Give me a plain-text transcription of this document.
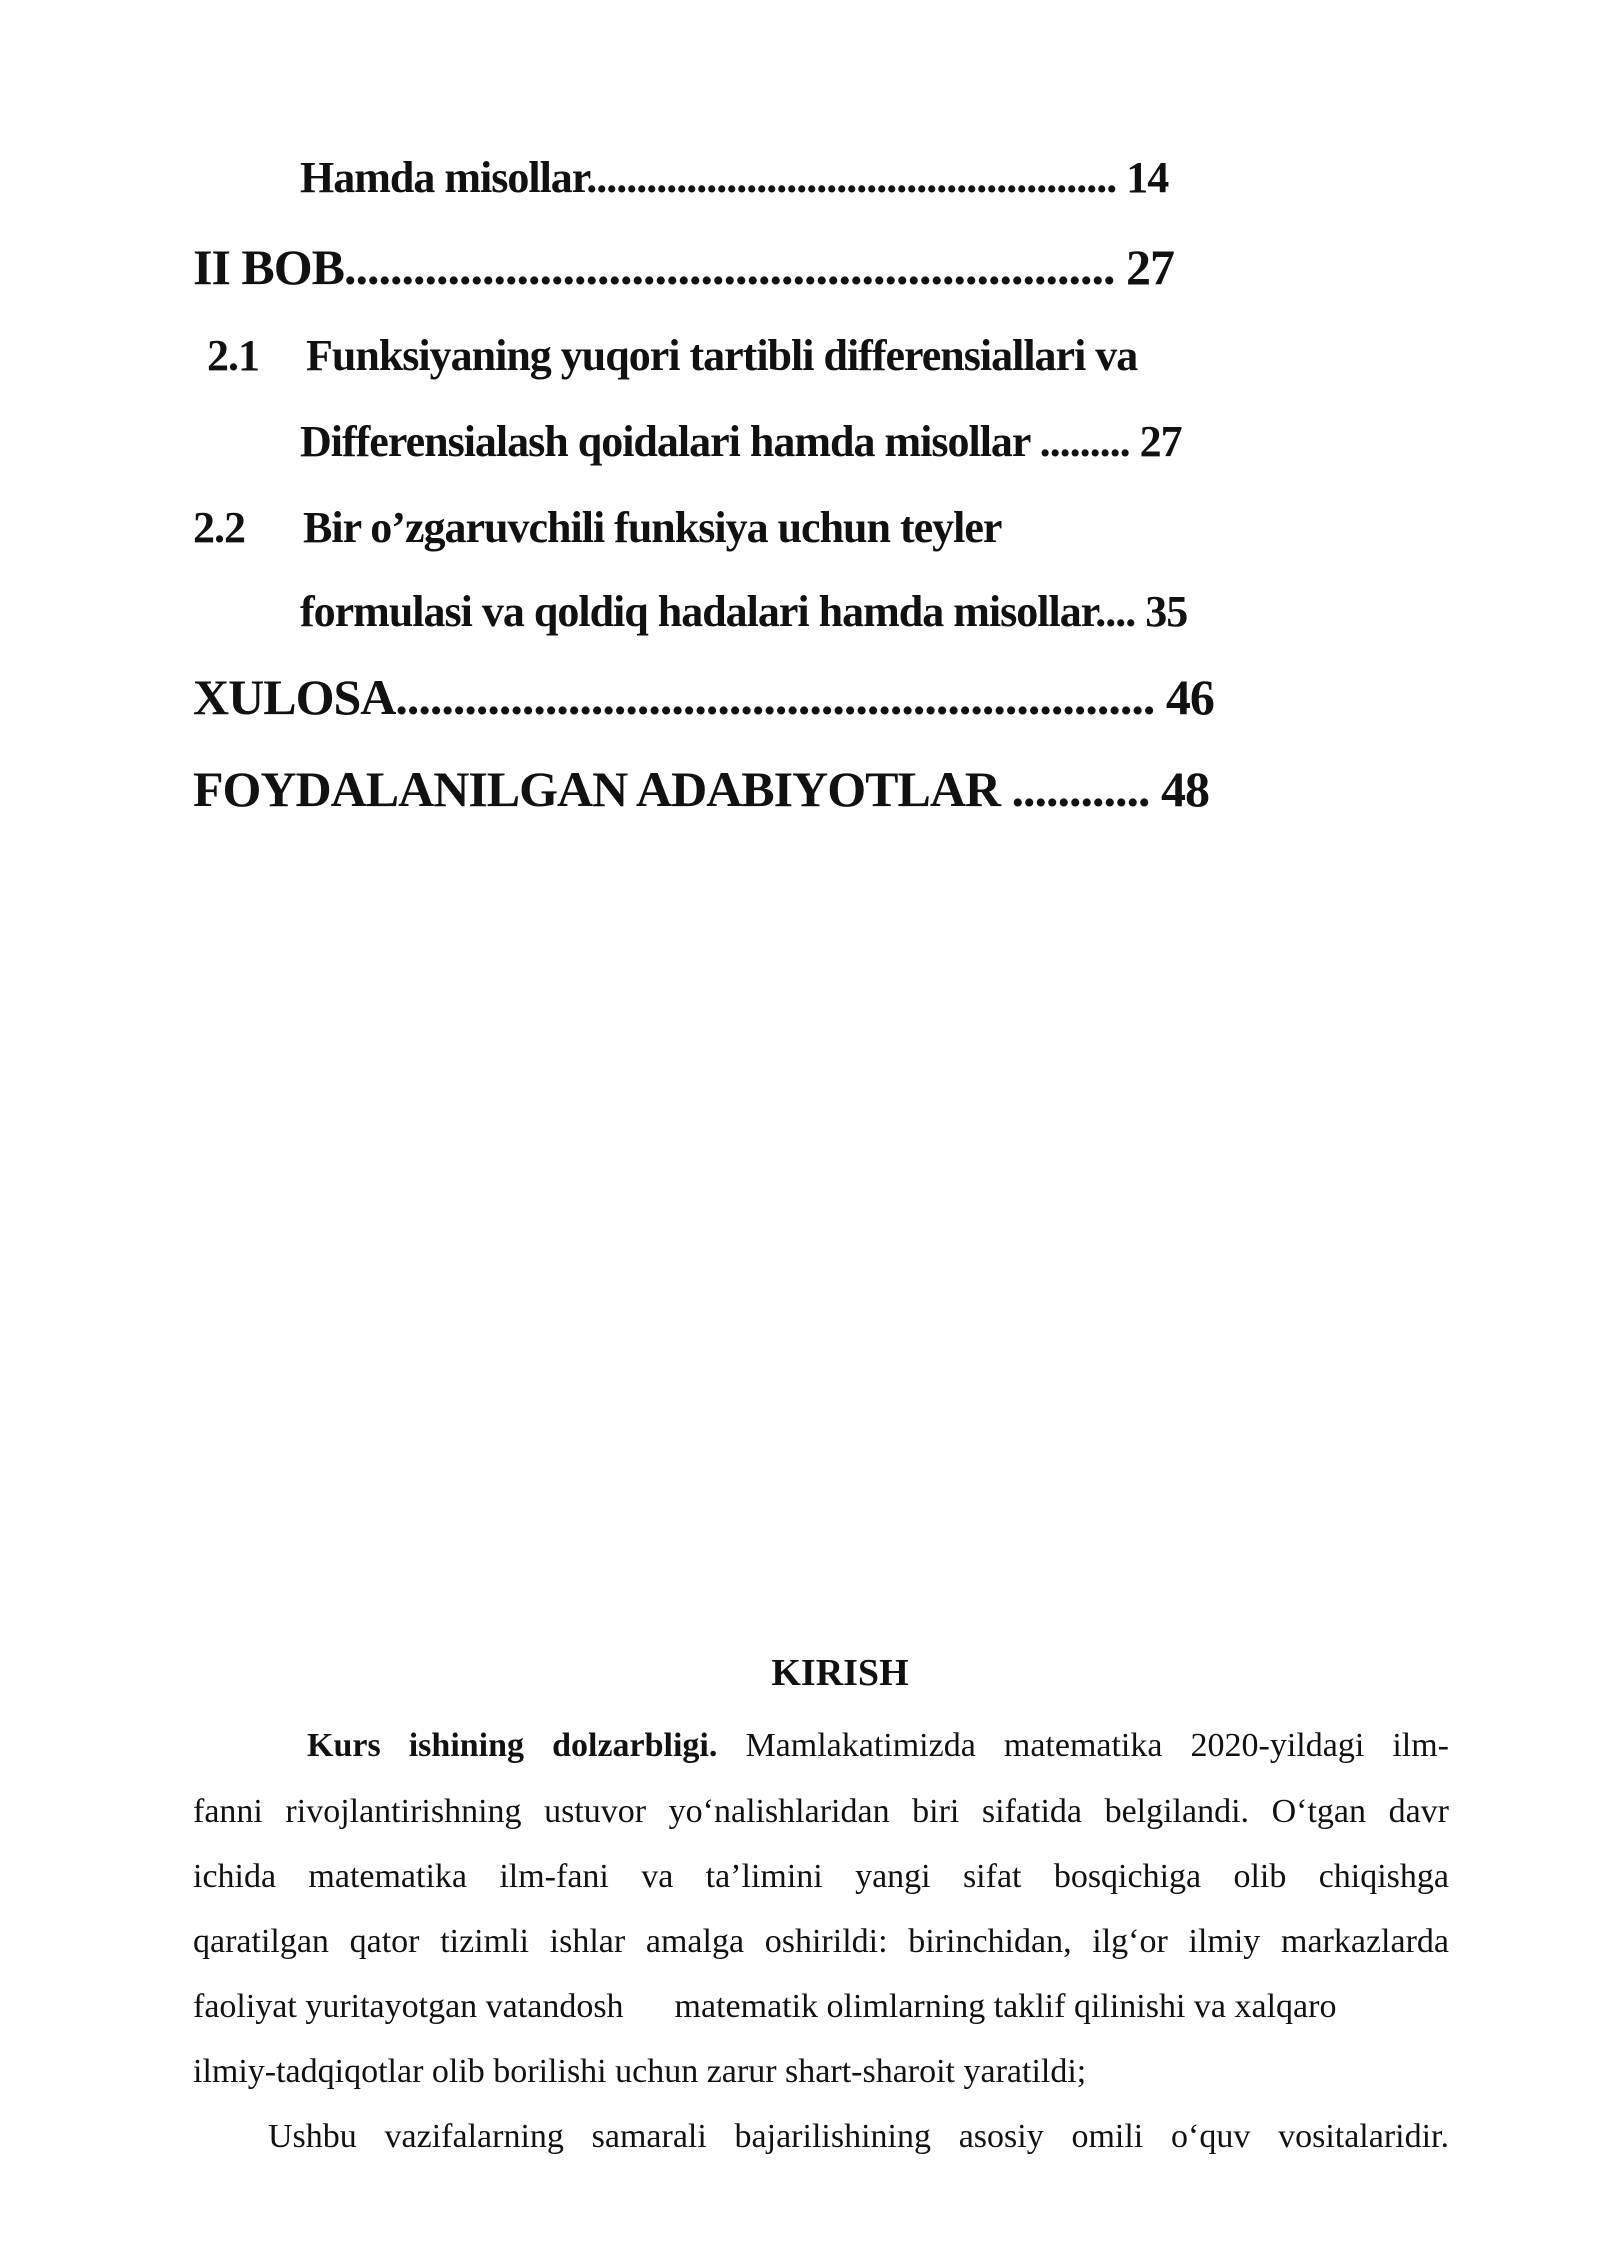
Hamda misollar..................................................... 14
II BOB................................................................... 27
2.1 Funksiyaning yuqori tartibli differensiallari va
Differensialash qoidalari hamda misollar ......... 27
2.2 Bir o’zgaruvchili funksiya uchun teyler
formulasi va qoldiq hadalari hamda misollar.... 35
XULOSA.................................................................. 46
FOYDALANILGAN ADABIYOTLAR ............ 48
KIRISH
Kurs ishining dolzarbligi. Mamlakatimizda matematika 2020-yildagi ilm-
fanni rivojlantirishning ustuvor yo‘nalishlaridan biri sifatida belgilandi. O‘tgan davr
ichida matematika ilm-fani va ta’limini yangi sifat bosqichiga olib chiqishga
qaratilgan qator tizimli ishlar amalga oshirildi: birinchidan, ilg‘or ilmiy markazlarda
faoliyat yuritayotgan vatandosh      matematik olimlarning taklif qilinishi va xalqaro
ilmiy-tadqiqotlar olib borilishi uchun zarur shart-sharoit yaratildi;
Ushbu vazifalarning samarali bajarilishining asosiy omili o‘quv vositalaridir.
